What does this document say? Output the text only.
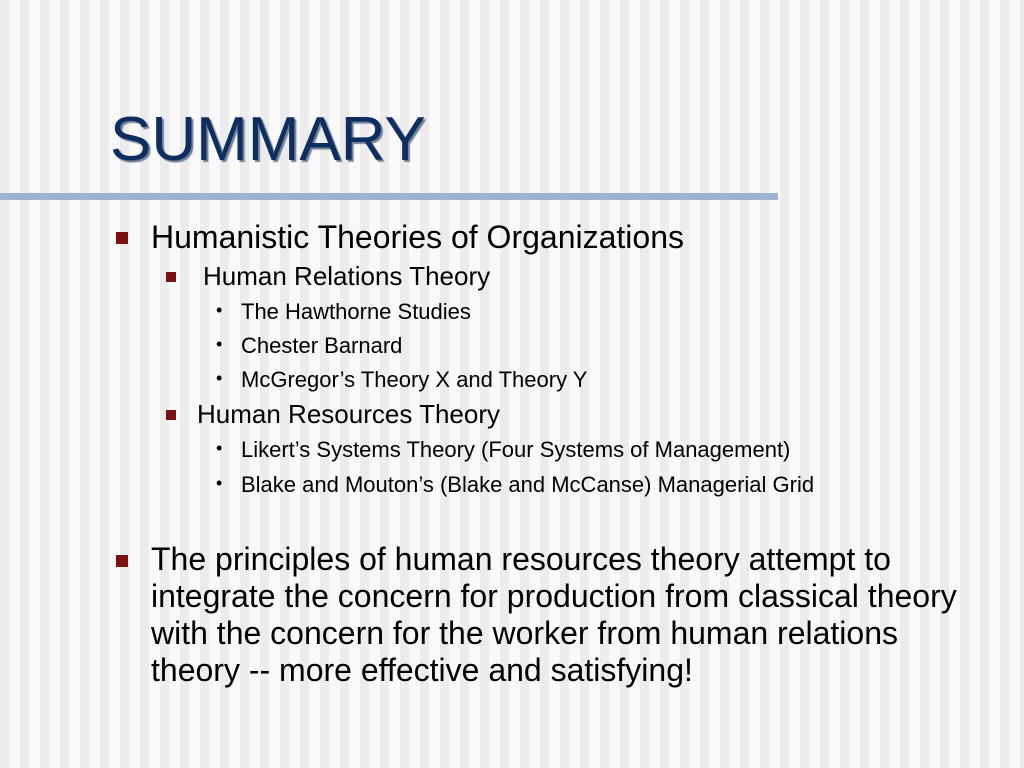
SUMMARY
Humanistic Theories of Organizations
Human Relations Theory
• The Hawthorne Studies
• Chester Barnard
• McGregor’s Theory X and Theory Y
Human Resources Theory
• Likert’s Systems Theory (Four Systems of Management)
• Blake and Mouton’s (Blake and McCanse) Managerial Grid
The principles of human resources theory attempt to integrate the concern for production from classical theory with the concern for the worker from human relations theory -- more effective and satisfying!
